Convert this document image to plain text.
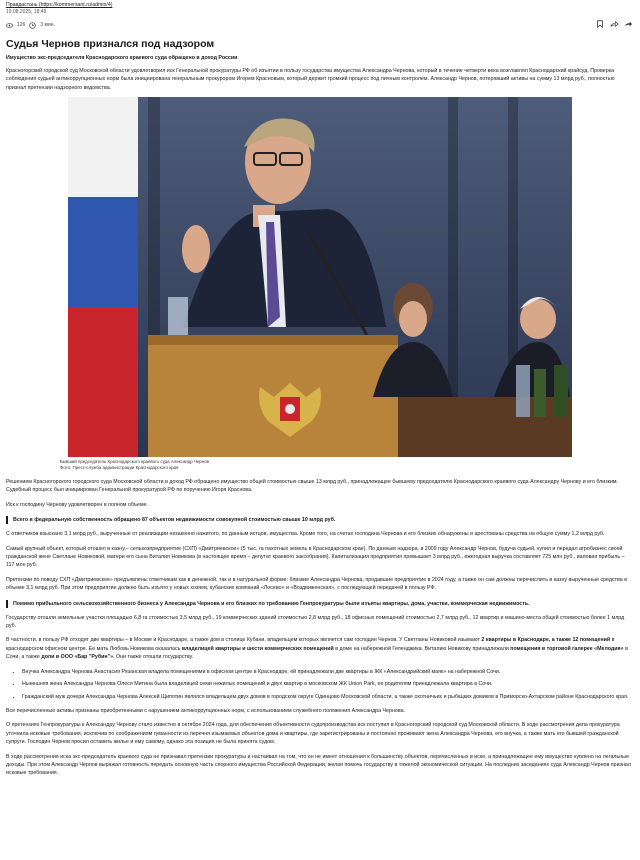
Правдастань (https://kommersant.ru/admin/4)
19.08.2025, 18:49
126	3 мин.
Судья Чернов признался под надзором
Имущество экс-председателя Краснодарского краевого суда обращено в доход России

Красногорский городской суд Московской области удовлетворил иск Генеральной прокуратуры РФ об изъятии в пользу государства имущества Александра Чернова, который в течение четверти века возглавлял Краснодарский крайсуд. Проверка соблюдения судьей антикоррупционных норм была инициирована генеральным прокурором Игорем Красновым, который держит громкий процесс под личным контролем. Александр Чернов, потерявший активы на сумму 13 млрд руб., полностью признал претензии надзорного ведомства.

Бывший председатель Краснодарского краевого суда Александр Чернов
Фото: Пресс-служба администрации Краснодарского края

Решением Красногорского городского суда Московской области в доход РФ обращено имущество общей стоимостью свыше 13 млрд руб., принадлежащее бывшему председателю Краснодарского краевого суда Александру Чернову и его близким. Судебный процесс был инициирован Генеральной прокуратурой РФ по поручению Игоря Краснова.

Иск к господину Чернову удовлетворен в полном объеме.

Всего в федеральную собственность обращено 87 объектов недвижимости совокупной стоимостью свыше 10 млрд руб.

С ответчиков взыскано 3,1 млрд руб., вырученные от реализации незаконно нажитого, по данным истцов, имущества. Кроме того, на счетах господина Чернова и его близких обнаружены и арестованы средства на общую сумму 1,2 млрд руб.

Самый крупный объект, который отошел в казну,– сельхозпредприятие (СХП) «Дмитриевское» (5 тыс. га пахотных земель в Краснодарском крае). По данным надзора, в 2009 году Александр Чернов, будучи судьей, купил и передал агробизнес своей гражданской жене Светлане Новиковой, матери его сына Виталия Новикова (в настоящее время – депутат краевого заксобрания). Капитализация предприятия превышает 3 млрд руб., ежегодная выручка составляет 725 млн руб., валовая прибыль – 117 млн руб.

Претензии по поводу СХП «Дмитриевское» предъявлены ответчикам как в денежной, так и в натуральной форме: близкие Александра Чернова, продавшие предприятие в 2024 году, а также он сам должны перечислить в казну вырученные средства в объеме 3,1 млрд руб. При этом предприятие должно быть изъято у новых хозяев, кубанских компаний «Лосево» и «Воздвиженская», с последующей передачей в пользу РФ.

Помимо прибыльного сельскохозяйственного бизнеса у Александра Чернова и его близких по требованию Генпрокуратуры были изъяты квартиры, дома, участки, коммерческая недвижимость.

Государству отошли земельные участки площадью 6,8 га стоимостью 3,5 млрд руб., 19 коммерческих зданий стоимостью 2,8 млрд руб., 18 офисных помещений стоимостью 2,7 млрд руб., 12 квартир и машино-места общей стоимостью более 1 млрд руб.

В частности, в пользу РФ отходят две квартиры – в Москве и Краснодаре, а также дом в столице Кубани, владельцем которых является сам господин Чернов. У Светланы Новиковой изымают 2 квартиры в Краснодаре, а также 12 помещений в краснодарском офисном центре. Ее мать Любовь Новикова оказалась владелицей квартиры и шести коммерческих помещений в доме на набережной Геленджика. Виталию Новикову принадлежали помещения в торговой галерее «Мелодия» в Сочи, а также доли в ООО «Бар "Рубин"». Они также отошли государству.

• Внучка Александра Чернова Анастасия Рязанская владела помещениями в офисном центре в Краснодаре, ей принадлежали две квартиры в ЖК «Александрийский маяк» на набережной Сочи.
• Нынешняя жена Александра Чернова Олеся Митина была владелицей семи нежилых помещений и двух квартир в московском ЖК Union Park, ее родителям принадлежала квартира в Сочи.
• Гражданский муж дочери Александра Чернова Алексей Щипотин являлся владельцем двух домов в городском округе Одинцово Московской области, а также охотничьих и рыбацких домиков в Приморско-Ахтарском районе Краснодарского края.

Все перечисленные активы признаны приобретенными с нарушением антикоррупционных норм, с использованием служебного положения Александра Чернова.

О претензиях Генпрокуратуры к Александру Чернову стало известно в октябре 2024 года, для обеспечения объективности судопроизводства иск поступил в Красногорский городской суд Московской области. В ходе рассмотрения дела прокуратура уточнила исковые требования, исключив по соображениям гуманности из перечня изымаемых объектов дома и квартиры, где зарегистрированы и постоянно проживают жена Александра Чернова, его внучка, а также мать его бывшей гражданской супруги. Господин Чернов просил оставить жилье и ему самому, однако эта позиция не была принята судом.

В ходе рассмотрения иска экс-председатель краевого суда не признавал претензии прокуратуры и настаивал на том, что он не имеет отношения к большинству объектов, перечисленных в иске, а принадлежащее ему имущество куплено на легальные доходы. При этом Александр Чернов выражал готовность передать основную часть спорного имущества Российской Федерации, желая помочь государству в тяжелой экономической ситуации. На последних заседаниях суда Александр Чернов признал исковые требования.
